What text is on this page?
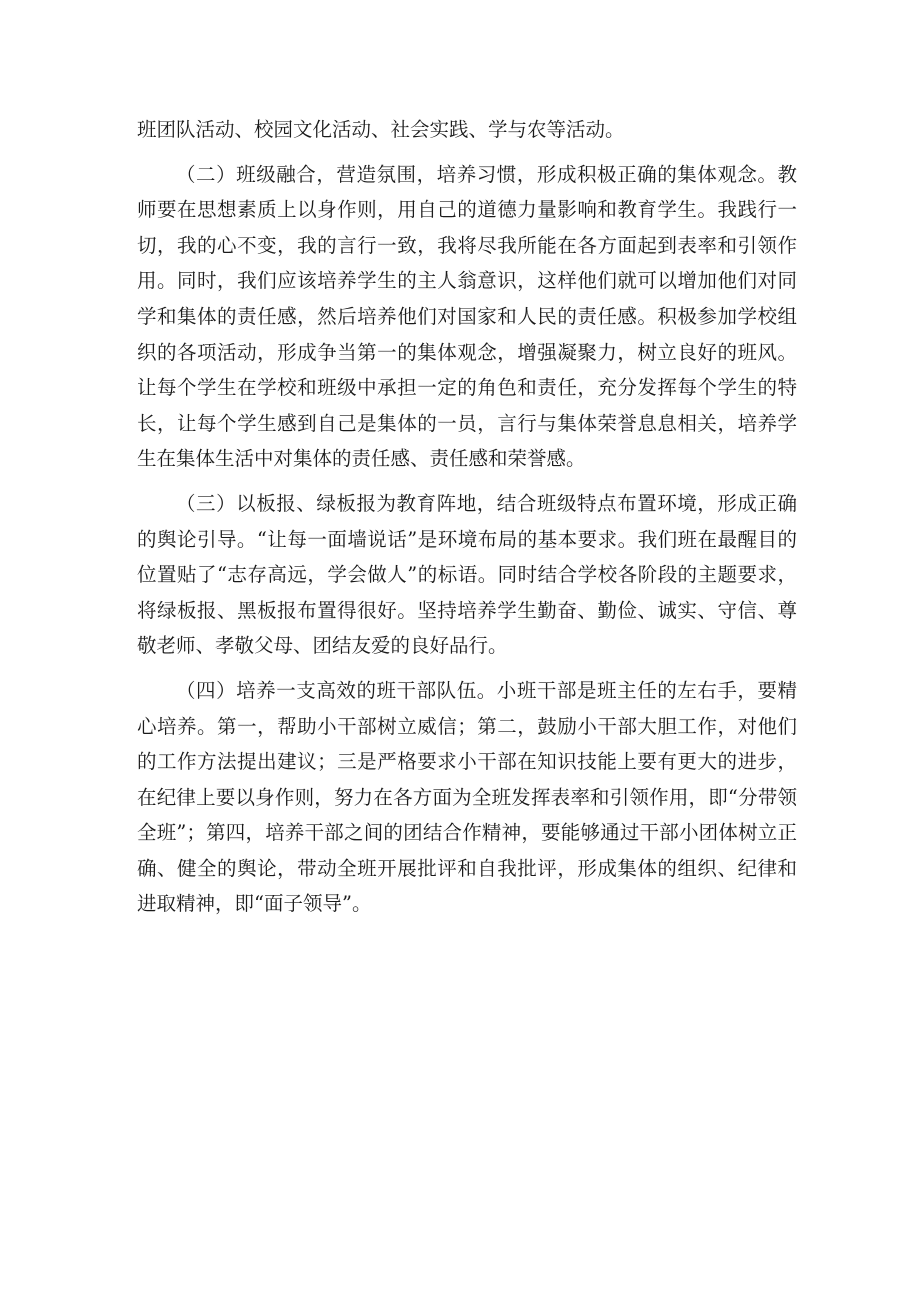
班团队活动、校园文化活动、社会实践、学与农等活动。

（二）班级融合，营造氛围，培养习惯，形成积极正确的集体观念。教师要在思想素质上以身作则，用自己的道德力量影响和教育学生。我践行一切，我的心不变，我的言行一致，我将尽我所能在各方面起到表率和引领作用。同时，我们应该培养学生的主人翁意识，这样他们就可以增加他们对同学和集体的责任感，然后培养他们对国家和人民的责任感。积极参加学校组织的各项活动，形成争当第一的集体观念，增强凝聚力，树立良好的班风。让每个学生在学校和班级中承担一定的角色和责任，充分发挥每个学生的特长，让每个学生感到自己是集体的一员，言行与集体荣誉息息相关，培养学生在集体生活中对集体的责任感、责任感和荣誉感。

（三）以板报、绿板报为教育阵地，结合班级特点布置环境，形成正确的舆论引导。“让每一面墙说话”是环境布局的基本要求。我们班在最醒目的位置贴了“志存高远，学会做人”的标语。同时结合学校各阶段的主题要求，将绿板报、黑板报布置得很好。坚持培养学生勤奋、勤俭、诚实、守信、尊敬老师、孝敬父母、团结友爱的良好品行。

（四）培养一支高效的班干部队伍。小班干部是班主任的左右手，要精心培养。第一，帮助小干部树立威信；第二，鼓励小干部大胆工作，对他们的工作方法提出建议；三是严格要求小干部在知识技能上要有更大的进步，在纪律上要以身作则，努力在各方面为全班发挥表率和引领作用，即“分带领全班”；第四，培养干部之间的团结合作精神，要能够通过干部小团体树立正确、健全的舆论，带动全班开展批评和自我批评，形成集体的组织、纪律和进取精神，即“面子领导”。
